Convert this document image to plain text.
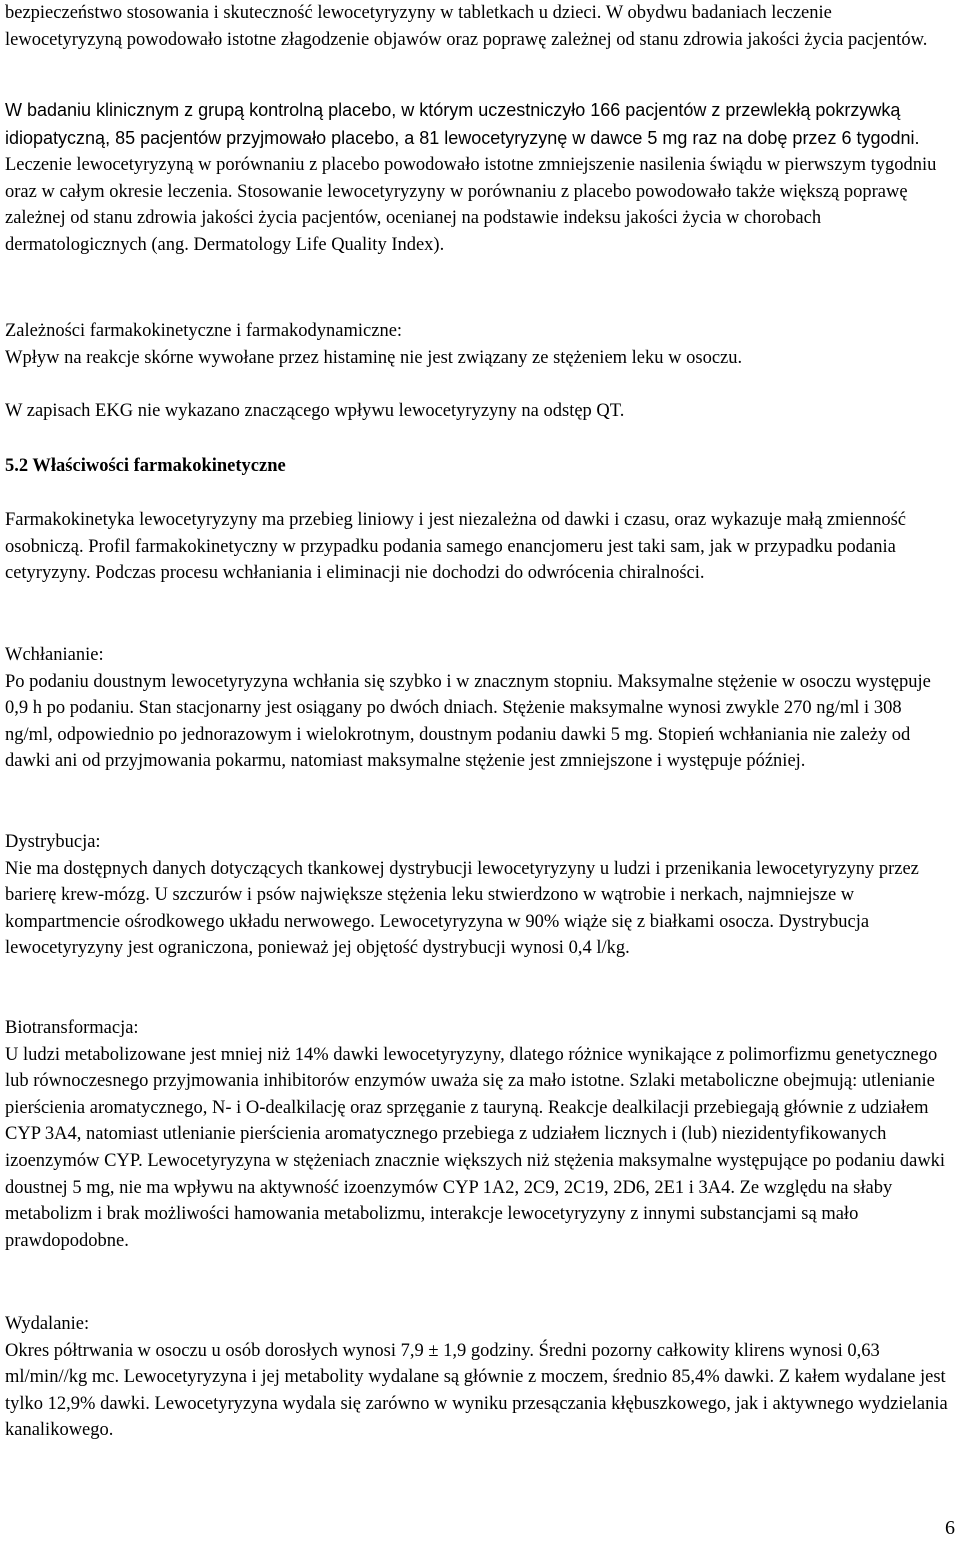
bezpieczeństwo stosowania i skuteczność lewocetyryzyny w tabletkach u dzieci. W obydwu badaniach leczenie lewocetyryzyną powodowało istotne złagodzenie objawów oraz poprawę zależnej od stanu zdrowia jakości życia pacjentów.

W badaniu klinicznym z grupą kontrolną placebo, w którym uczestniczyło 166 pacjentów z przewlekłą pokrzywką idiopatyczną, 85 pacjentów przyjmowało placebo, a 81 lewocetyryzynę w dawce 5 mg raz na dobę przez 6 tygodni. Leczenie lewocetyryzyną w porównaniu z placebo powodowało istotne zmniejszenie nasilenia świądu w pierwszym tygodniu oraz w całym okresie leczenia. Stosowanie lewocetyryzyny w porównaniu z placebo powodowało także większą poprawę zależnej od stanu zdrowia jakości życia pacjentów, ocenianej na podstawie indeksu jakości życia w chorobach dermatologicznych (ang. Dermatology Life Quality Index).

Zależności farmakokinetyczne i farmakodynamiczne:

Wpływ na reakcje skórne wywołane przez histaminę nie jest związany ze stężeniem leku w osoczu.

W zapisach EKG nie wykazano znaczącego wpływu lewocetyryzyny na odstęp QT.

5.2 Właściwości farmakokinetyczne

Farmakokinetyka lewocetyryzyny ma przebieg liniowy i jest niezależna od dawki i czasu, oraz wykazuje małą zmienność osobniczą. Profil farmakokinetyczny w przypadku podania samego enancjomeru jest taki sam, jak w przypadku podania cetyryzyny. Podczas procesu wchłaniania i eliminacji nie dochodzi do odwrócenia chiralności.

Wchłanianie:

Po podaniu doustnym lewocetyryzyna wchłania się szybko i w znacznym stopniu. Maksymalne stężenie w osoczu występuje 0,9 h po podaniu. Stan stacjonarny jest osiągany po dwóch dniach. Stężenie maksymalne wynosi zwykle 270 ng/ml i 308 ng/ml, odpowiednio po jednorazowym i wielokrotnym, doustnym podaniu dawki 5 mg. Stopień wchłaniania nie zależy od dawki ani od przyjmowania pokarmu, natomiast maksymalne stężenie jest zmniejszone i występuje później.

Dystrybucja:

Nie ma dostępnych danych dotyczących tkankowej dystrybucji lewocetyryzyny u ludzi i przenikania lewocetyryzyny przez barierę krew-mózg. U szczurów i psów największe stężenia leku stwierdzono w wątrobie i nerkach, najmniejsze w kompartmencie ośrodkowego układu nerwowego. Lewocetyryzyna w 90% wiąże się z białkami osocza. Dystrybucja lewocetyryzyny jest ograniczona, ponieważ jej objętość dystrybucji wynosi 0,4 l/kg.

Biotransformacja:

U ludzi metabolizowane jest mniej niż 14% dawki lewocetyryzyny, dlatego różnice wynikające z polimorfizmu genetycznego lub równoczesnego przyjmowania inhibitorów enzymów uważa się za mało istotne. Szlaki metaboliczne obejmują: utlenianie pierścienia aromatycznego, N- i O-dealkilację oraz sprzęganie z tauryną. Reakcje dealkilacji przebiegają głównie z udziałem CYP 3A4, natomiast utlenianie pierścienia aromatycznego przebiega z udziałem licznych i (lub) niezidentyfikowanych izoenzymów CYP. Lewocetyryzyna w stężeniach znacznie większych niż stężenia maksymalne występujące po podaniu dawki doustnej 5 mg, nie ma wpływu na aktywność izoenzymów CYP 1A2, 2C9, 2C19, 2D6, 2E1 i 3A4. Ze względu na słaby metabolizm i brak możliwości hamowania metabolizmu, interakcje lewocetyryzyny z innymi substancjami są mało prawdopodobne.

Wydalanie:

Okres półtrwania w osoczu u osób dorosłych wynosi 7,9 ± 1,9 godziny. Średni pozorny całkowity klirens wynosi 0,63 ml/min//kg mc. Lewocetyryzyna i jej metabolity wydalane są głównie z moczem, średnio 85,4% dawki. Z kałem wydalane jest tylko 12,9% dawki. Lewocetyryzyna wydala się zarówno w wyniku przesączania kłębuszkowego, jak i aktywnego wydzielania kanalikowego.

6
